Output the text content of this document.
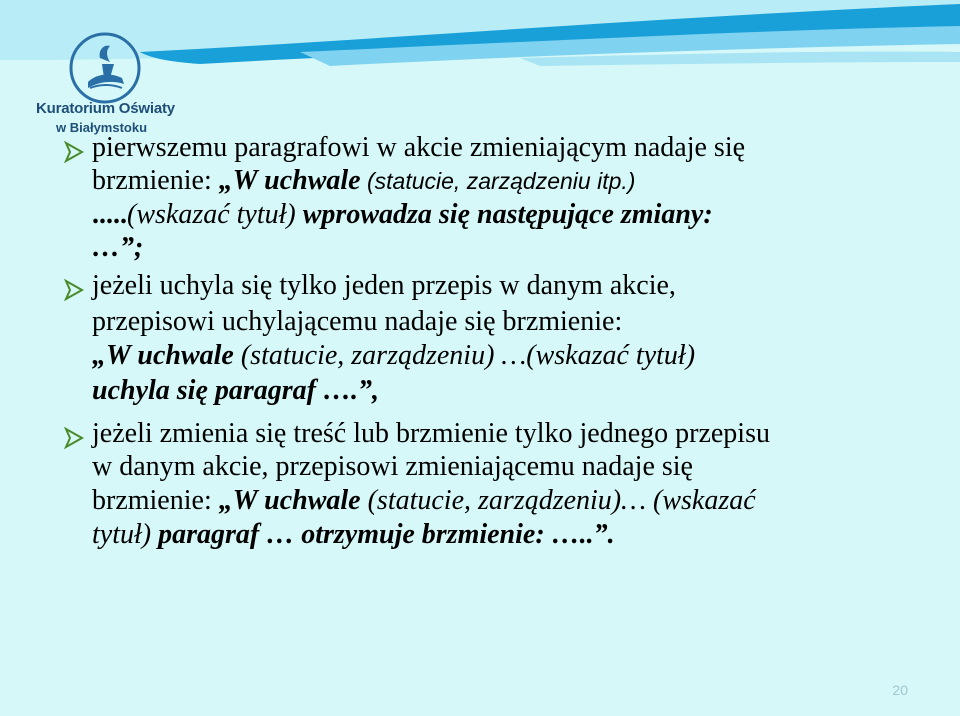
Kuratorium Oświaty
w Białymstoku
pierwszemu paragrafowi w akcie zmieniającym nadaje się
brzmienie: „W uchwale (statucie, zarządzeniu itp.)
.....(wskazać tytuł) wprowadza się następujące zmiany:
…”;
jeżeli uchyla się tylko jeden przepis w danym akcie,
przepisowi uchylającemu nadaje się brzmienie:
„W uchwale (statucie, zarządzeniu) …(wskazać tytuł)
uchyla się paragraf ….”,
jeżeli zmienia się treść lub brzmienie tylko jednego przepisu
w danym akcie, przepisowi zmieniającemu nadaje się
brzmienie: „W uchwale (statucie, zarządzeniu)… (wskazać
tytuł) paragraf … otrzymuje brzmienie: …..”.
20
